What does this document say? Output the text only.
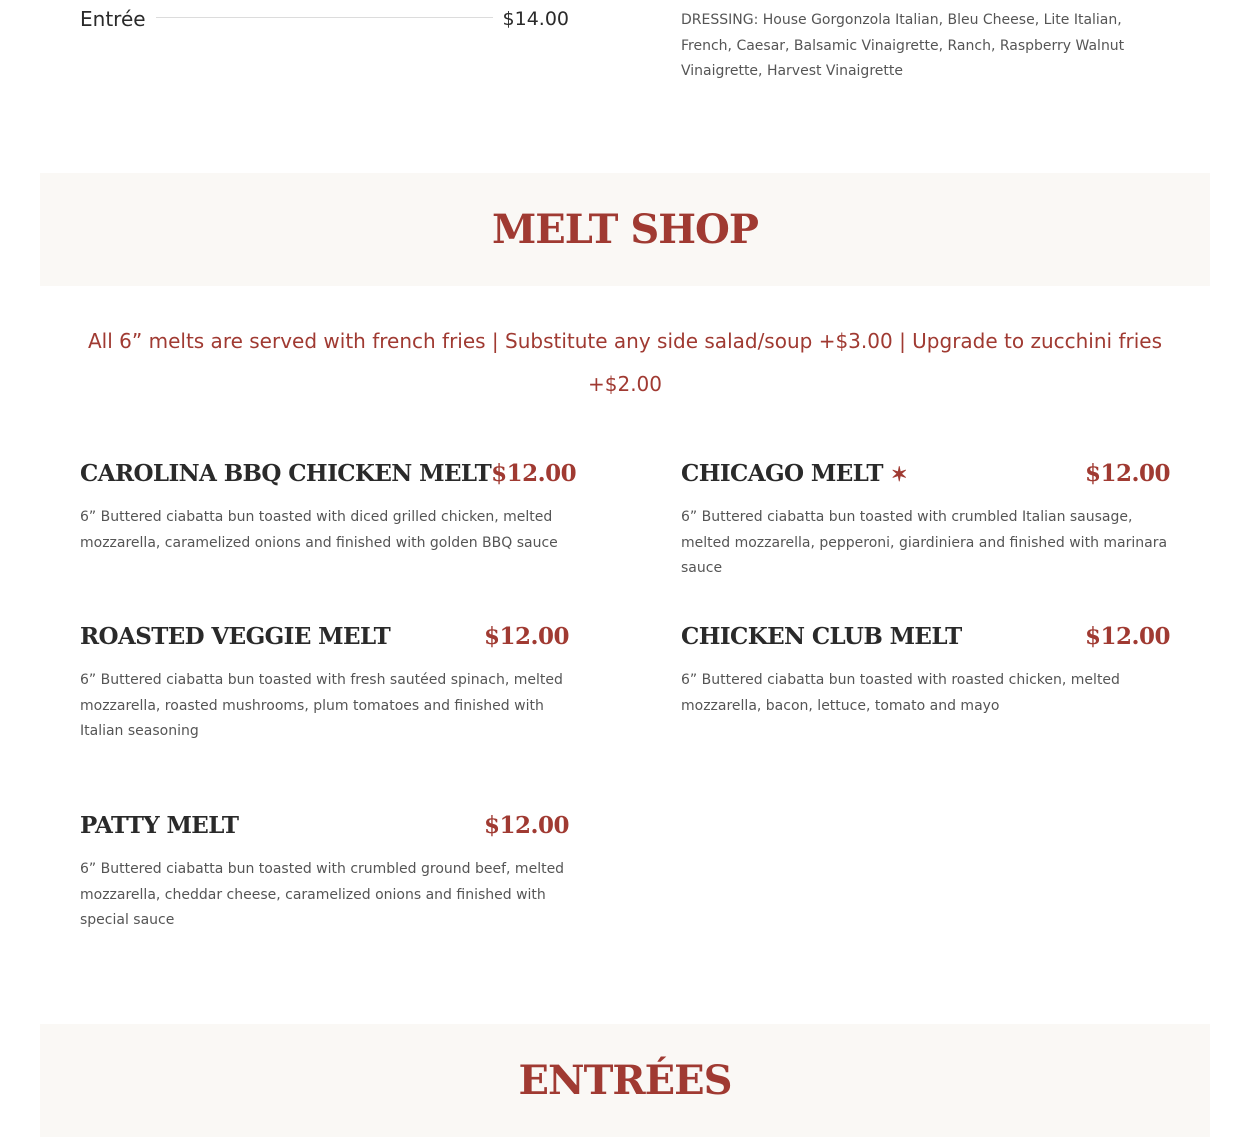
Entrée	$14.00	DRESSING: House Gorgonzola Italian, Bleu Cheese, Lite Italian, French, Caesar, Balsamic Vinaigrette, Ranch, Raspberry Walnut Vinaigrette, Harvest Vinaigrette
MELT SHOP
All 6” melts are served with french fries | Substitute any side salad/soup +$3.00 | Upgrade to zucchini fries
+$2.00
CAROLINA BBQ CHICKEN MELT $12.00
6” Buttered ciabatta bun toasted with diced grilled chicken, melted mozzarella, caramelized onions and finished with golden BBQ sauce
CHICAGO MELT ✶	$12.00
6” Buttered ciabatta bun toasted with crumbled Italian sausage, melted mozzarella, pepperoni, giardiniera and finished with marinara sauce
ROASTED VEGGIE MELT	$12.00
6” Buttered ciabatta bun toasted with fresh sautéed spinach, melted mozzarella, roasted mushrooms, plum tomatoes and finished with Italian seasoning
CHICKEN CLUB MELT	$12.00
6” Buttered ciabatta bun toasted with roasted chicken, melted mozzarella, bacon, lettuce, tomato and mayo
PATTY MELT	$12.00
6” Buttered ciabatta bun toasted with crumbled ground beef, melted mozzarella, cheddar cheese, caramelized onions and finished with special sauce
ENTRÉES
